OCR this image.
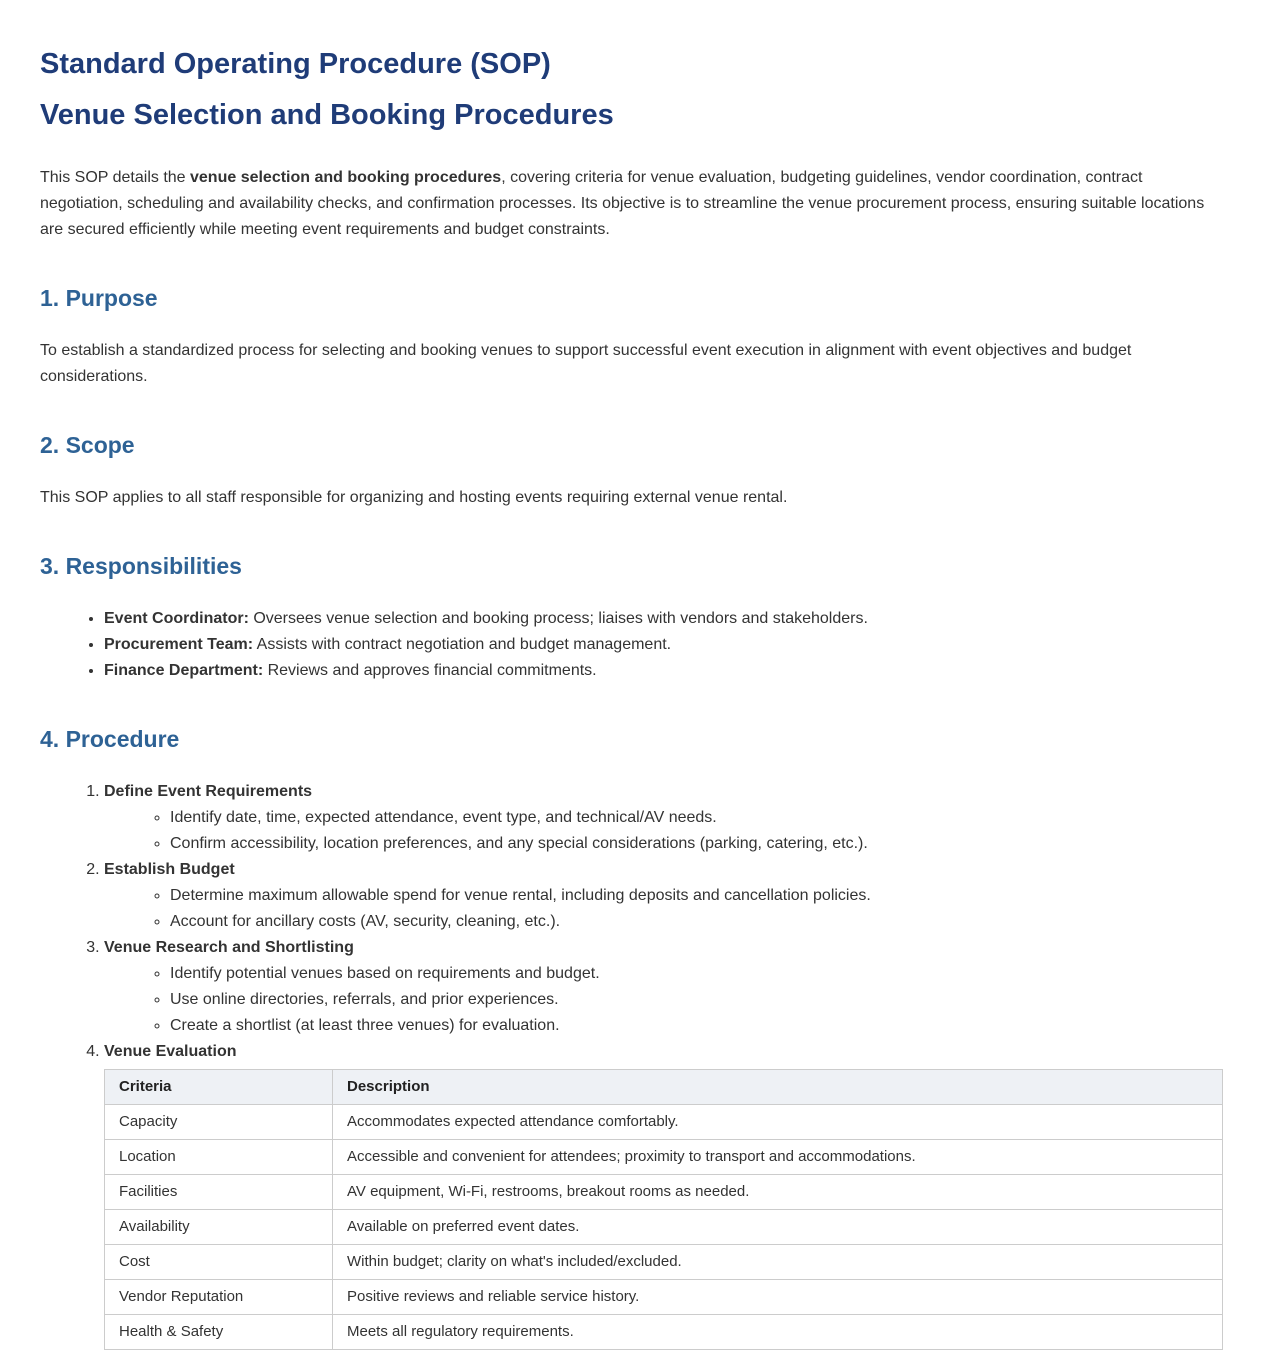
Standard Operating Procedure (SOP)
Venue Selection and Booking Procedures

This SOP details the venue selection and booking procedures, covering criteria for venue evaluation, budgeting guidelines, vendor coordination, contract negotiation, scheduling and availability checks, and confirmation processes. Its objective is to streamline the venue procurement process, ensuring suitable locations are secured efficiently while meeting event requirements and budget constraints.

1. Purpose

To establish a standardized process for selecting and booking venues to support successful event execution in alignment with event objectives and budget considerations.

2. Scope

This SOP applies to all staff responsible for organizing and hosting events requiring external venue rental.

3. Responsibilities
• Event Coordinator: Oversees venue selection and booking process; liaises with vendors and stakeholders.
• Procurement Team: Assists with contract negotiation and budget management.
• Finance Department: Reviews and approves financial commitments.
4. Procedure
1. Define Event Requirements
◦ Identify date, time, expected attendance, event type, and technical/AV needs.
◦ Confirm accessibility, location preferences, and any special considerations (parking, catering, etc.).
2. Establish Budget
◦ Determine maximum allowable spend for venue rental, including deposits and cancellation policies.
◦ Account for ancillary costs (AV, security, cleaning, etc.).
3. Venue Research and Shortlisting
◦ Identify potential venues based on requirements and budget.
◦ Use online directories, referrals, and prior experiences.
◦ Create a shortlist (at least three venues) for evaluation.
4. Venue Evaluation
Criteria	Description
Capacity	Accommodates expected attendance comfortably.
Location	Accessible and convenient for attendees; proximity to transport and accommodations.
Facilities	AV equipment, Wi-Fi, restrooms, breakout rooms as needed.
Availability	Available on preferred event dates.
Cost	Within budget; clarity on what's included/excluded.
Vendor Reputation	Positive reviews and reliable service history.
Health & Safety	Meets all regulatory requirements.
